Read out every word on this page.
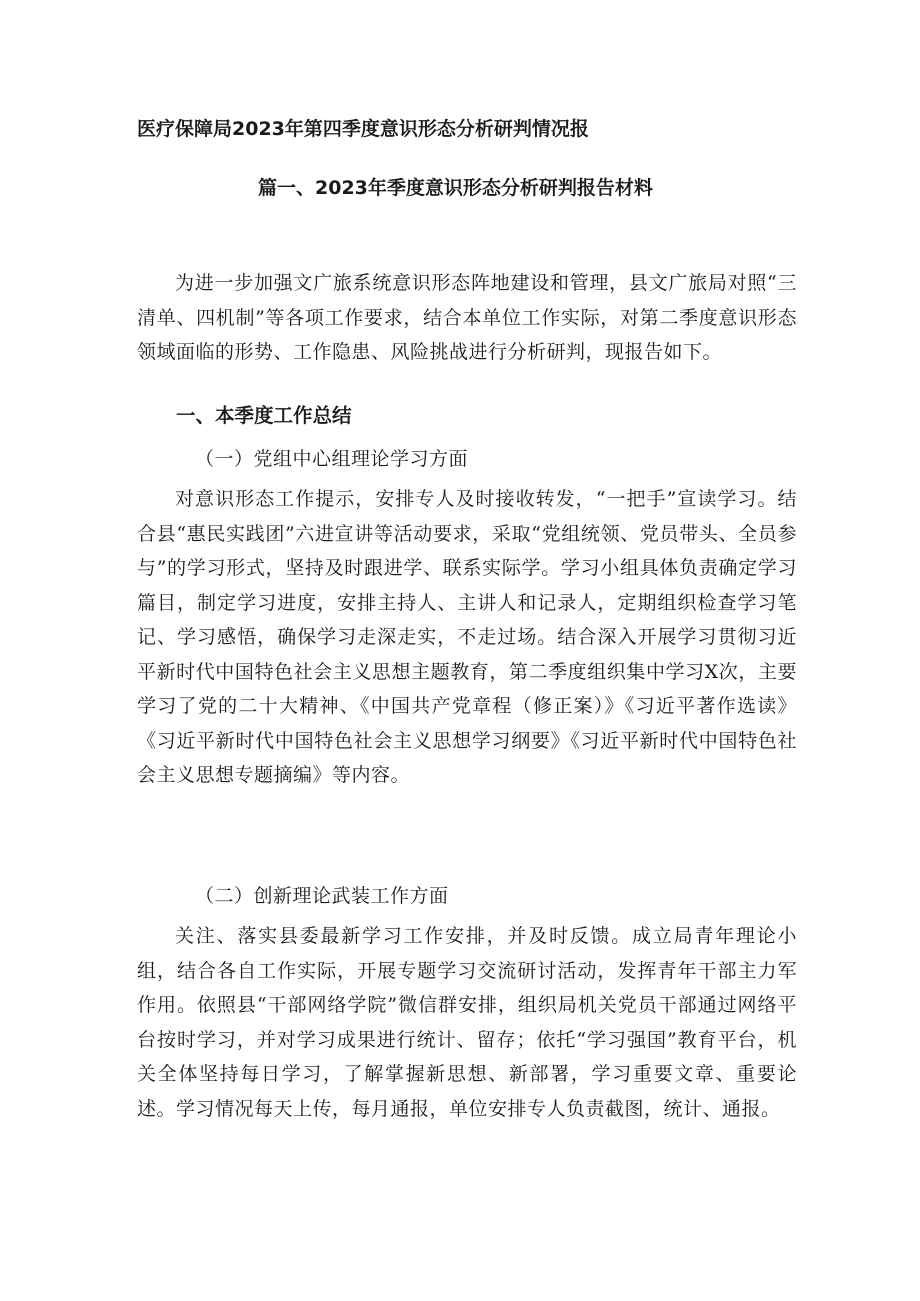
医疗保障局2023年第四季度意识形态分析研判情况报
篇一、2023年季度意识形态分析研判报告材料

为进一步加强文广旅系统意识形态阵地建设和管理，县文广旅局对照“三清单、四机制”等各项工作要求，结合本单位工作实际，对第二季度意识形态领域面临的形势、工作隐患、风险挑战进行分析研判，现报告如下。

一、本季度工作总结
（一）党组中心组理论学习方面

对意识形态工作提示，安排专人及时接收转发，“一把手”宣读学习。结合县“惠民实践团”六进宣讲等活动要求，采取“党组统领、党员带头、全员参与”的学习形式，坚持及时跟进学、联系实际学。学习小组具体负责确定学习篇目，制定学习进度，安排主持人、主讲人和记录人，定期组织检查学习笔记、学习感悟，确保学习走深走实，不走过场。结合深入开展学习贯彻习近平新时代中国特色社会主义思想主题教育，第二季度组织集中学习X次，主要学习了党的二十大精神、《中国共产党章程（修正案）》《习近平著作选读》《习近平新时代中国特色社会主义思想学习纲要》《习近平新时代中国特色社会主义思想专题摘编》等内容。

（二）创新理论武装工作方面

关注、落实县委最新学习工作安排，并及时反馈。成立局青年理论小组，结合各自工作实际，开展专题学习交流研讨活动，发挥青年干部主力军作用。依照县“干部网络学院”微信群安排，组织局机关党员干部通过网络平台按时学习，并对学习成果进行统计、留存；依托“学习强国”教育平台，机关全体坚持每日学习，了解掌握新思想、新部署，学习重要文章、重要论述。学习情况每天上传，每月通报，单位安排专人负责截图，统计、通报。
